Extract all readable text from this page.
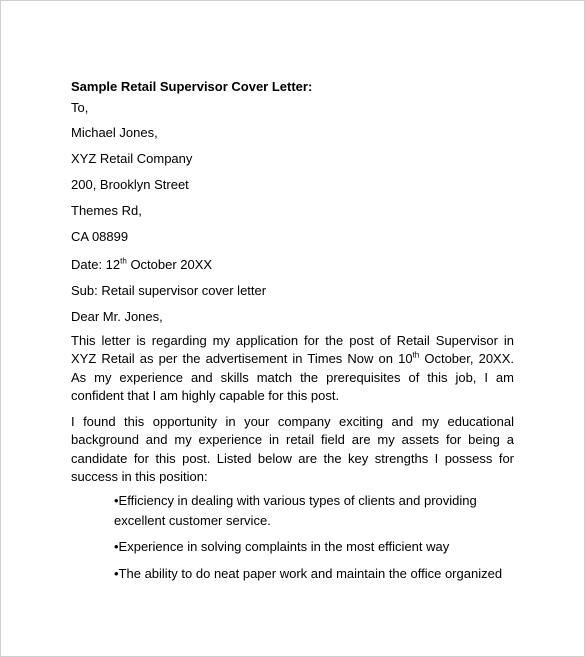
Sample Retail Supervisor Cover Letter:
To,
Michael Jones,
XYZ Retail Company
200, Brooklyn Street
Themes Rd,
CA 08899
Date: 12th October 20XX
Sub: Retail supervisor cover letter
Dear Mr. Jones,
This letter is regarding my application for the post of Retail Supervisor in XYZ Retail as per the advertisement in Times Now on 10th October, 20XX. As my experience and skills match the prerequisites of this job, I am confident that I am highly capable for this post.
I found this opportunity in your company exciting and my educational background and my experience in retail field are my assets for being a candidate for this post. Listed below are the key strengths I possess for success in this position:
•Efficiency in dealing with various types of clients and providing
excellent customer service.
•Experience in solving complaints in the most efficient way
•The ability to do neat paper work and maintain the office organized
